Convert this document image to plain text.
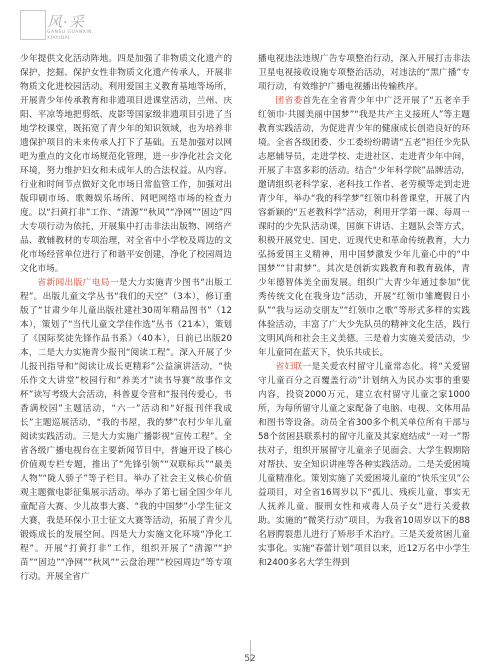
风·采
GANSU GUANXIN
XIAYIDAI

少年提供文化活动阵地。四是加强了非物质文化遗产的保护，挖掘、保护女性非物质文化遗产传承人，开展非物质文化进校园活动。利用爱国主义教育基地等场所，开展青少年传承教育和非遗项目进课堂活动，兰州、庆阳、平凉等地把剪纸、皮影等国家级非遗项目引进了当地学校课堂，既拓宽了青少年的知识领域，也为培养非遗保护项目的未来传承人打下了基础。五是加强对以网吧为重点的文化市场规范化管理，进一步净化社会文化环境，努力维护妇女和未成年人的合法权益。从内容、行业和时间节点做好文化市场日常监管工作，加强对出版印刷市场、歌舞娱乐场所、网吧网络市场的检查力度。以“扫黄打非”工作、“清源”“秋风”“净网”“固边”四大专项行动为依托，开展集中打击非法出版物、网络产品、教辅教材的专项治理，对全省中小学校及周边的文化市场经营单位进行了和谐平安创建，净化了校园周边文化市场。

省新闻出版广电局一是大力实施青少图书“出版工程”。出版儿童文学丛书“我们的天空”（3本），修订重版了“甘肃少年儿童出版社建社30周年精品图书”（12本），策划了“当代儿童文学佳作选”丛书（21本），策划了《国际奖徒先锋作品书系》（40本），日前已出版20本，二是大力实施青少报刊“阅读工程”。深入开展了少儿报刊指导和“阅读让成长更精彩”公益演讲活动，“快乐作文大讲堂”校园行和“养美才”读书导赛“故事作文杯”读写考级大会活动，科普夏令营和“报刊传爱心，书香满校园”主题活动，“六一”活动和“好报刊伴我成长”主题巡展活动，“我的书屋，我的梦”农村少年儿童阅读实践活动。三是大力实施广播影视“宣传工程”。全省各级广播电视台在主要新闻节目中，普遍开设了核心价值观专栏专题，推出了“先锋引领”“双联标兵”“最美人物”“陇人骄子”等子栏目。举办了社会主义核心价值观主题微电影征集展示活动。举办了第七届全国少年儿童配音大赛、少儿故事大赛、“我的中国梦”小学生征文大赛，我是环保小卫士征文大赛等活动，拓展了青少儿锻炼成长的发展空间。四是大力实施文化环境“净化工程”。开展“打黄打非”工作，组织开展了“清源”“护苗”“固边”“净网”“秋风”“云盘治理”“校园周边”等专项行动。开展全省广

播电视违法违规广告专项整治行动，深入开展打击非法卫星电视接收设施专项整治活动，对违法的“黑广播”专项行动，有效维护广播电视播出传输秩序。

团省委首先在全省青少年中广泛开展了“五老辛手红领巾·共圆美丽中国梦”“我是共产主义接班人”等主题教育实践活动，为促进青少年的健康成长创造良好的环境。全省各级团委、少工委纷纷聘请“五老”担任少先队志愿辅导员，走进学校、走进社区、走进青少年中间，开展了丰富多彩的活动。结合“少年科学院”品牌活动，邀请组织老科学家、老科技工作者、老劳模等走到走进青少年，举办“我的科学梦”红领巾科普课堂，开展了内容新颖的“五老教科学”活动，利用开学第一课、每周一课时的少先队活动课，国旗下讲话、主题队会等方式，积极开展党史、国史、近现代史和革命传统教育，大力弘扬爱国主义精神，用中国梦激发少年儿童心中的“中国梦”“甘肃梦”。其次是创新实践教育和教育载体，青少年德智体美全面发展。组织广大青少年通过参加“优秀传统文化在我身边”活动，开展“红领巾雏鹰假日小队”“我与运动交朋友”“红领巾之歌”等形式多样的实践体验活动，丰富了广大少先队员的精神文化生活，践行文明风尚和社会主义美德。三是着力实施关爱活动，少年儿童同在蓝天下，快乐共成长。

省妇联一是关爱农村留守儿童常态化。将“关爱留守儿童百分之百覆盖行动”计划纳入为民办实事的重要内容，投资2000万元，建立农村留守儿童之家1000所，为每所留守儿童之家配备了电脑、电视、文体用品和图书等设备。动员全省300多个机关单位所有干部与58个贫困县联系村的留守儿童及其家庭结成“一对一”帮扶对子，组织开展留守儿童亲子见面会、大学生假期陪对帮扶、安全知识讲座等各种实践活动。二是关爱困境儿童精准化。策划实施了关爱困境儿童的“快乐宝贝”公益项目，对全省16周岁以下“孤儿、残疾儿童、事实无人抚养儿童、服刑女性和戒毒人员子女”进行关爱救助。实施的“微笑行动”项目，为我省10周岁以下的88名唇腭裂患儿进行了矫形手术治疗。三是关爱贫困儿童实事化。实施“春蕾计划”项目以来，近12万名中小学生和2400多名大学生得到

52
